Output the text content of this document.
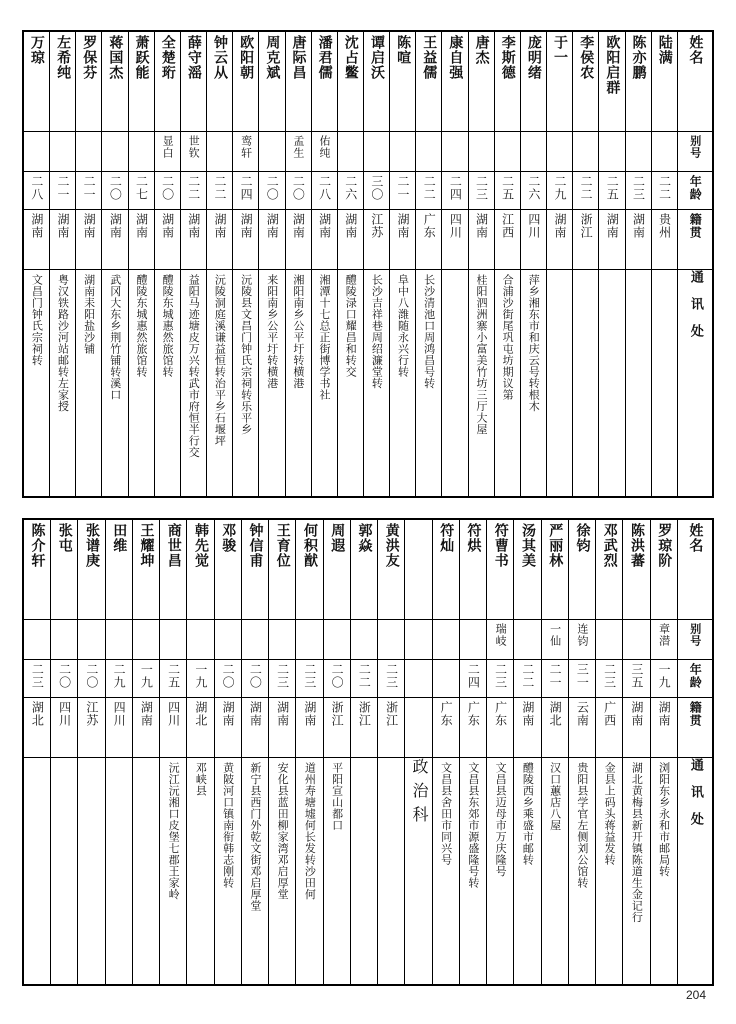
万琼	左希纯	罗保芬	蒋国杰	萧跃能	全楚珩	薛守滛	钟云从	欧阳朝	周克斌	唐际昌	潘君儒	沈占鳖	谭启沃	陈喧	王益儒	康自强	唐杰	李斯德	庞明绪	于一	李侯农	欧阳启群	陈亦鹏	陆满	姓名

					显白	世钦		鸾轩		孟生	佑纯														别号

二八	二一	二一	二〇	二七	二〇	二二	二二	二四	二〇	二〇	二八	二六	三〇	二一	二二	二四	二三	二五	二六	二九	二二	二五	二三	二二	年龄

湖南	湖南	湖南	湖南	湖南	湖南	湖南	湖南	湖南	湖南	湖南	湖南	湖南	江苏	湖南	广东	四川	湖南	江西	四川	湖南	浙江	湖南	湖南	贵州	籍贯

文昌门钟氏宗祠转	粤汉铁路沙河站邮转左家授	湖南耒阳盐沙铺	武冈大东乡荆竹铺转溪口	醴陵东城惠然旅馆转	醴陵东城惠然旅馆转	益阳马迹塘皮万兴转武市府恒半行交	沅陵洞庭溪谦益恒转治平乡石堰坪	沅陵县文昌门钟氏宗祠转乐平乡	来阳南乡公平圩转横港	湘阳南乡公平圩转横港	湘潭十七总正街博学书社	醴陵渌口耀昌和转交	长沙吉祥巷周绍濂堂转	阜中八潍随永兴行转	长沙清池口周鸿昌号转		桂阳泗洲寨小富美竹坊三厅大屋	合浦沙街尾巩屯坊期议第	萍乡湘东市和庆云号转根木						通讯处
陈介轩	张屯	张谱庚	田维	王耀坤	商世昌	韩先觉	邓骏	钟信甫	王育位	何积猷	周遐	郭焱	黄洪友		符灿	符烘	符曹书	汤其美	严丽林	徐钧	邓武烈	陈洪蕃	罗琼阶	姓名

																	瑞岐		一仙	连钧			章潜	别号

二三	二〇	二〇	二九	一九	二五	一九	二〇	二〇	二三	二三	二〇	二二	二三			二四	二三	二二	二一	三一	二三	三五	一九	年龄

湖北	四川	江苏	四川	湖南	四川	湖北	湖南	湖南	湖南	湖南	浙江	浙江	浙江		广东	广东	广东	湖南	湖北	云南	广西	湖南	湖南	籍贯

					沅江沅湘口皮堡七郡王家岭	邓峡县	黄陂河口镇南衔韩志刚转	新宁县西门外乾文街邓启厚堂	安化县蓝田柳家湾邓启厚堂	道州寿塘墟何长发转沙田何	平阳宣山都口			政治科	文昌县舍田市同兴号	文昌县东郊市源盛隆号转	文昌县迈母市万庆隆号	醴陵西乡乘盛市邮转	汉口蕙店八屋	贵阳县学官左侧刘公馆转	金县上码头蒋益发转	湖北黄梅县新开镇陈道生金记行	浏阳东乡永和市邮局转	通讯处
204
